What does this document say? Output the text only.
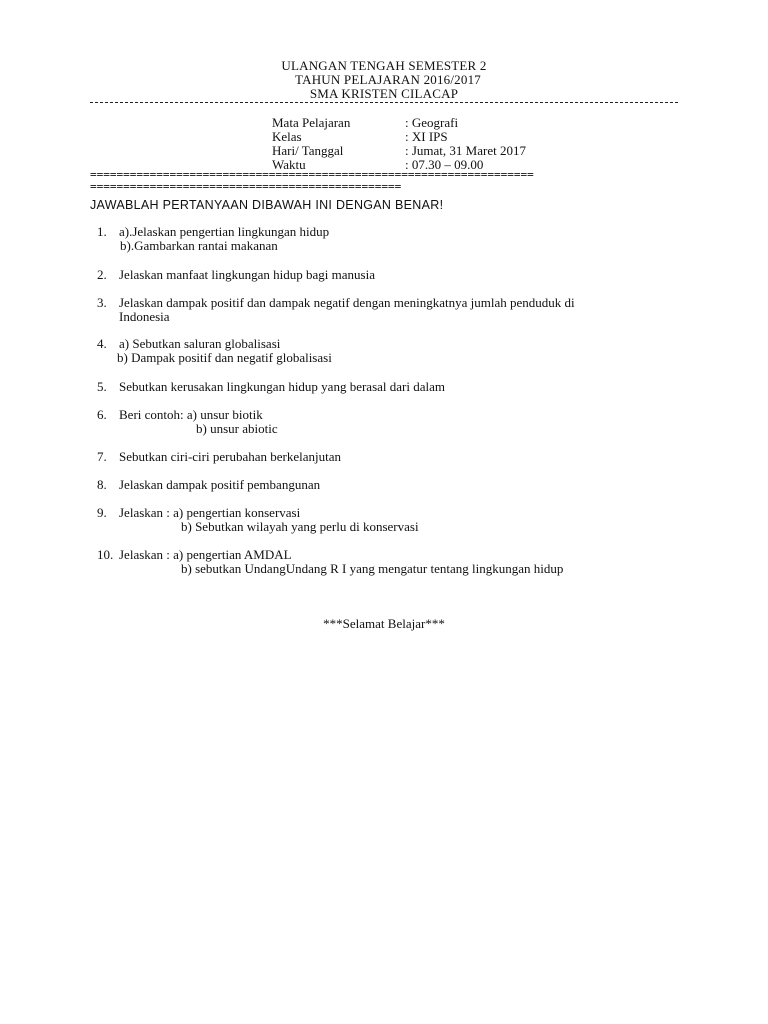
ULANGAN TENGAH SEMESTER 2
TAHUN PELAJARAN 2016/2017
SMA KRISTEN CILACAP
Mata Pelajaran	: Geografi
Kelas	: XI IPS
Hari/ Tanggal	: Jumat, 31 Maret 2017
Waktu	: 07.30 – 09.00
===================================================================
===============================================
JAWABLAH PERTANYAAN DIBAWAH INI DENGAN BENAR!
1. a).Jelaskan pengertian lingkungan hidup
b).Gambarkan rantai makanan
2. Jelaskan manfaat lingkungan hidup bagi manusia
3. Jelaskan dampak positif dan dampak negatif dengan meningkatnya jumlah penduduk di
Indonesia
4. a) Sebutkan saluran globalisasi
b) Dampak positif dan negatif globalisasi
5. Sebutkan kerusakan lingkungan hidup yang berasal dari dalam
6. Beri contoh: a) unsur biotik
b) unsur abiotic
7. Sebutkan ciri-ciri perubahan berkelanjutan
8. Jelaskan dampak positif pembangunan
9. Jelaskan : a) pengertian konservasi
b) Sebutkan wilayah yang perlu di konservasi
10. Jelaskan : a) pengertian AMDAL
b) sebutkan UndangUndang R I yang mengatur tentang lingkungan hidup
***Selamat Belajar***
